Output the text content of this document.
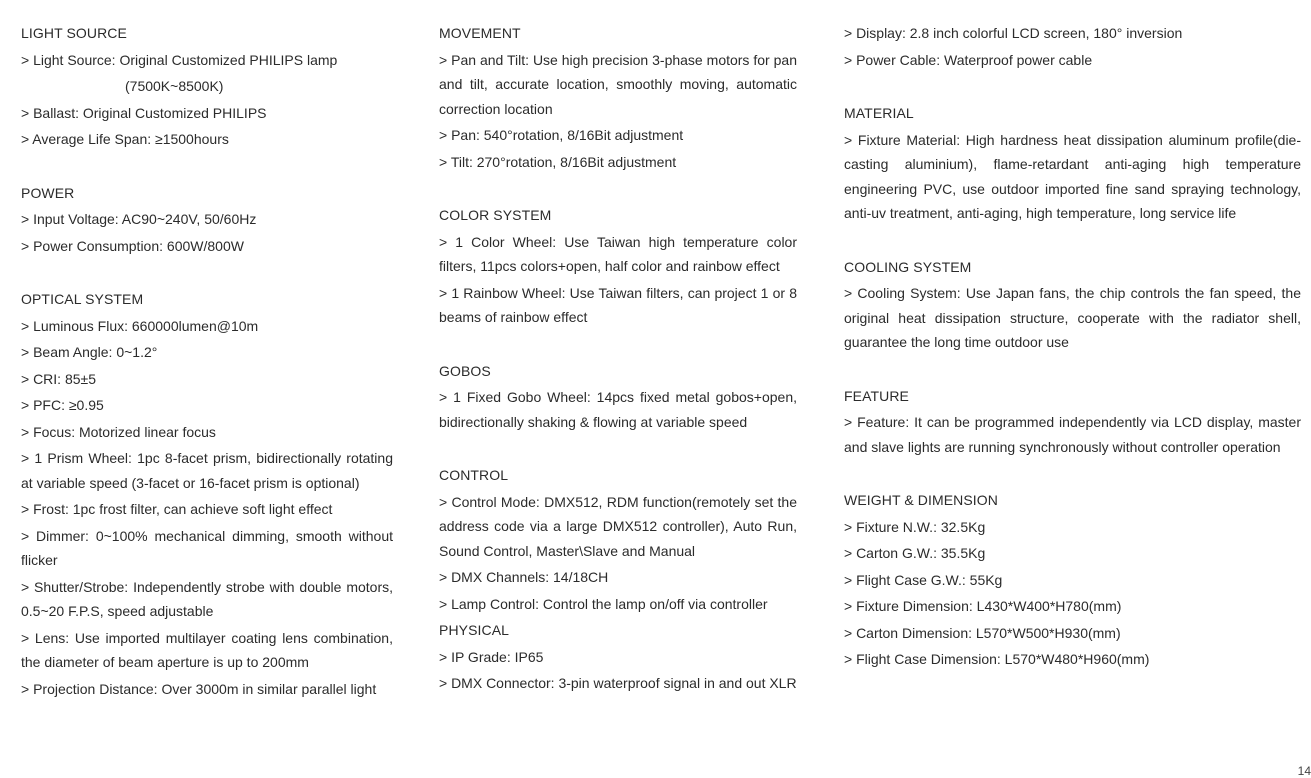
LIGHT SOURCE
> Light Source: Original Customized PHILIPS lamp
(7500K~8500K)
> Ballast: Original Customized PHILIPS
> Average Life Span: ≥1500hours
POWER
> Input Voltage: AC90~240V, 50/60Hz
> Power Consumption: 600W/800W
OPTICAL SYSTEM
> Luminous Flux: 660000lumen@10m
> Beam Angle: 0~1.2°
> CRI: 85±5
> PFC: ≥0.95
> Focus: Motorized linear focus
> 1 Prism Wheel: 1pc 8-facet prism, bidirectionally rotating at variable speed (3-facet or 16-facet prism is optional)
> Frost: 1pc frost filter, can achieve soft light effect
> Dimmer: 0~100% mechanical dimming, smooth without flicker
> Shutter/Strobe: Independently strobe with double motors, 0.5~20 F.P.S, speed adjustable
> Lens: Use imported multilayer coating lens combination, the diameter of beam aperture is up to 200mm
> Projection Distance: Over 3000m in similar parallel light
MOVEMENT
> Pan and Tilt: Use high precision 3-phase motors for pan and tilt, accurate location, smoothly moving, automatic correction location
> Pan: 540°rotation, 8/16Bit adjustment
> Tilt: 270°rotation, 8/16Bit adjustment
COLOR SYSTEM
> 1 Color Wheel: Use Taiwan high temperature color filters, 11pcs colors+open, half color and rainbow effect
> 1 Rainbow Wheel: Use Taiwan filters, can project 1 or 8 beams of rainbow effect
GOBOS
> 1 Fixed Gobo Wheel: 14pcs fixed metal gobos+open, bidirectionally shaking & flowing at variable speed
CONTROL
> Control Mode: DMX512, RDM function(remotely set the address code via a large DMX512 controller), Auto Run, Sound Control, Master\Slave and Manual
> DMX Channels: 14/18CH
> Lamp Control: Control the lamp on/off via controller
PHYSICAL
> IP Grade: IP65
> DMX Connector: 3-pin waterproof signal in and out XLR
> Display: 2.8 inch colorful LCD screen, 180° inversion
> Power Cable: Waterproof power cable
MATERIAL
> Fixture Material: High hardness heat dissipation aluminum profile(die-casting aluminium), flame-retardant anti-aging high temperature engineering PVC, use outdoor imported fine sand spraying technology, anti-uv treatment, anti-aging, high temperature, long service life
COOLING SYSTEM
> Cooling System: Use Japan fans, the chip controls the fan speed, the original heat dissipation structure, cooperate with the radiator shell, guarantee the long time outdoor use
FEATURE
> Feature: It can be programmed independently via LCD display, master and slave lights are running synchronously without controller operation
WEIGHT & DIMENSION
> Fixture N.W.: 32.5Kg
> Carton G.W.: 35.5Kg
> Flight Case G.W.: 55Kg
> Fixture Dimension: L430*W400*H780(mm)
> Carton Dimension: L570*W500*H930(mm)
> Flight Case Dimension: L570*W480*H960(mm)
14
